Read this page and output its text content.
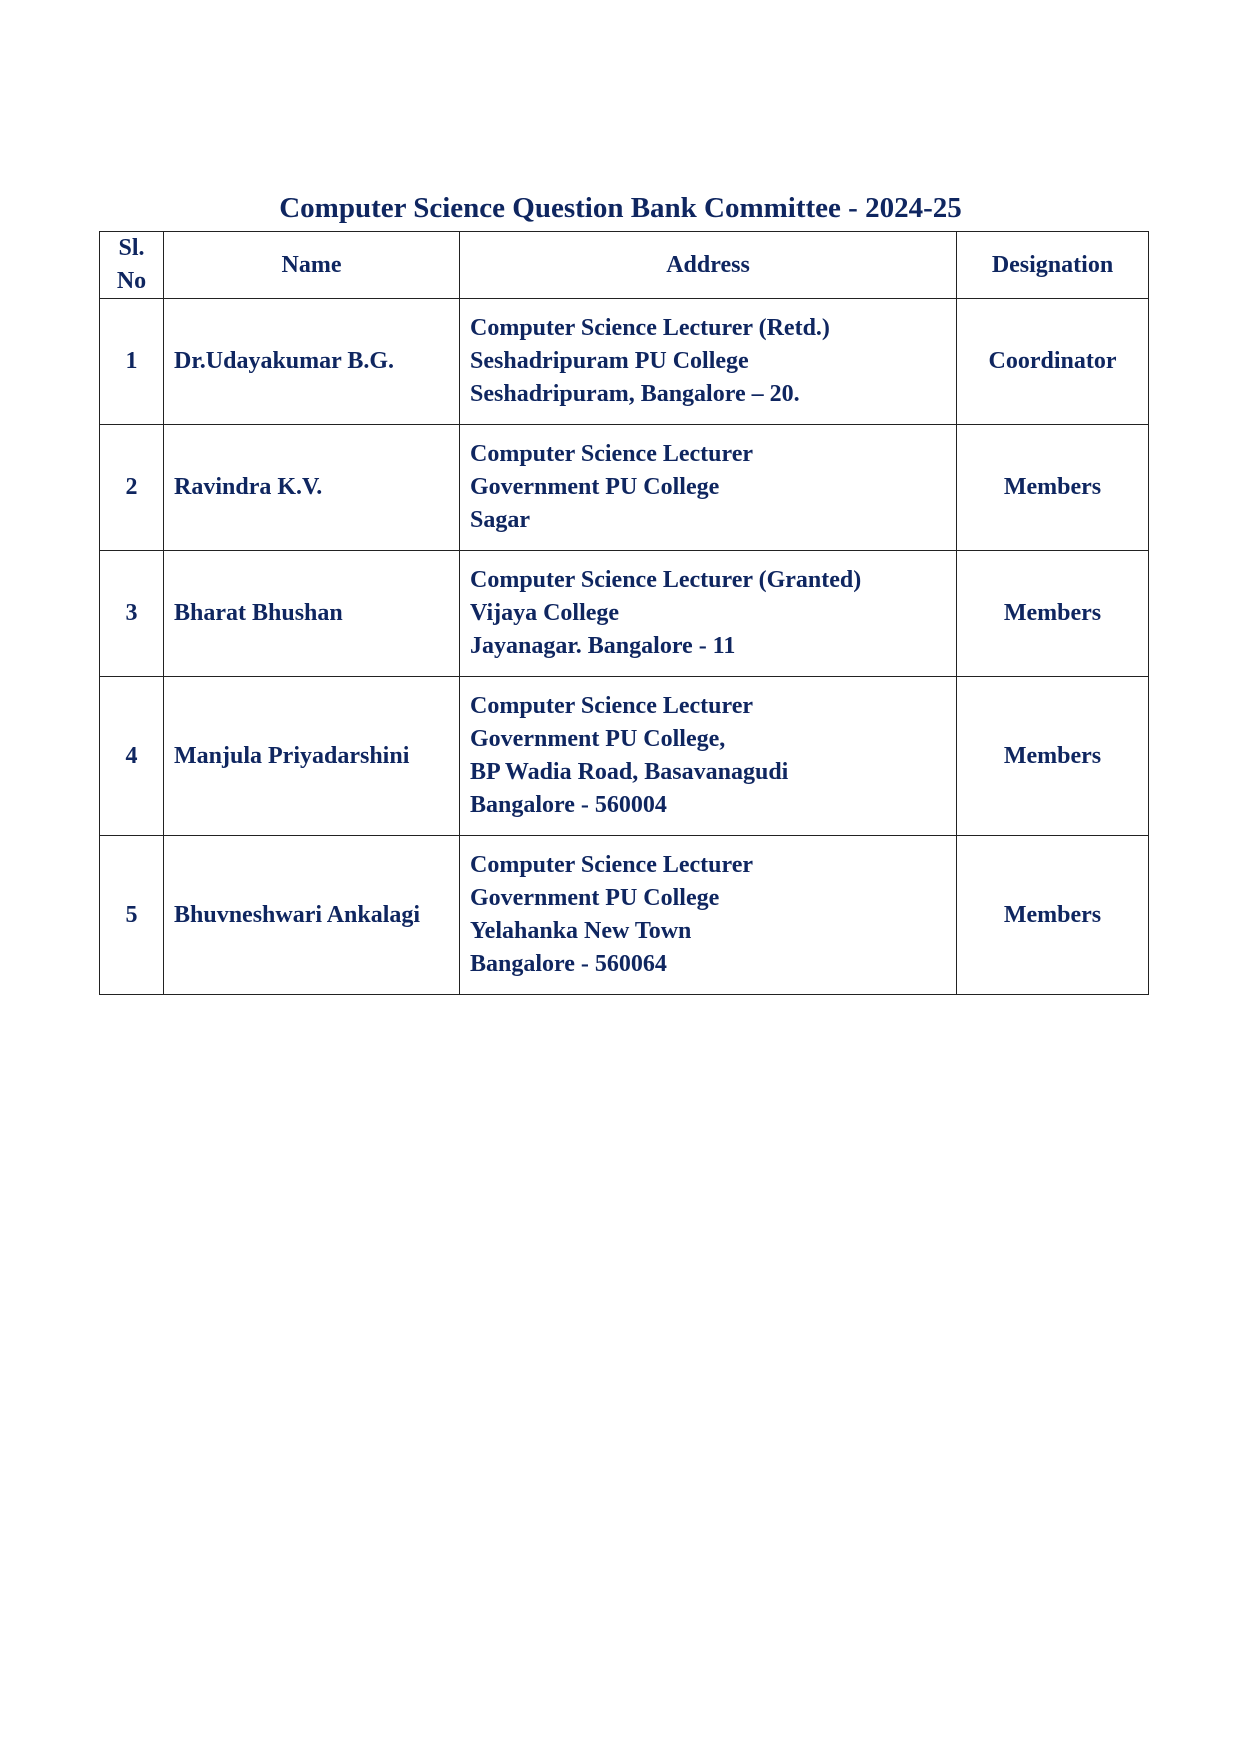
Computer Science Question Bank Committee - 2024-25
Sl. No	Name	Address	Designation
1	Dr.Udayakumar B.G.	Computer Science Lecturer (Retd.)
Seshadripuram PU College
Seshadripuram, Bangalore – 20.	Coordinator
2	Ravindra K.V.	Computer Science Lecturer
Government PU College
Sagar	Members
3	Bharat Bhushan	Computer Science Lecturer (Granted)
Vijaya College
Jayanagar. Bangalore - 11	Members
4	Manjula Priyadarshini	Computer Science Lecturer
Government PU College,
BP Wadia Road, Basavanagudi
Bangalore - 560004	Members
5	Bhuvneshwari Ankalagi	Computer Science Lecturer
Government PU College
Yelahanka New Town
Bangalore - 560064	Members
